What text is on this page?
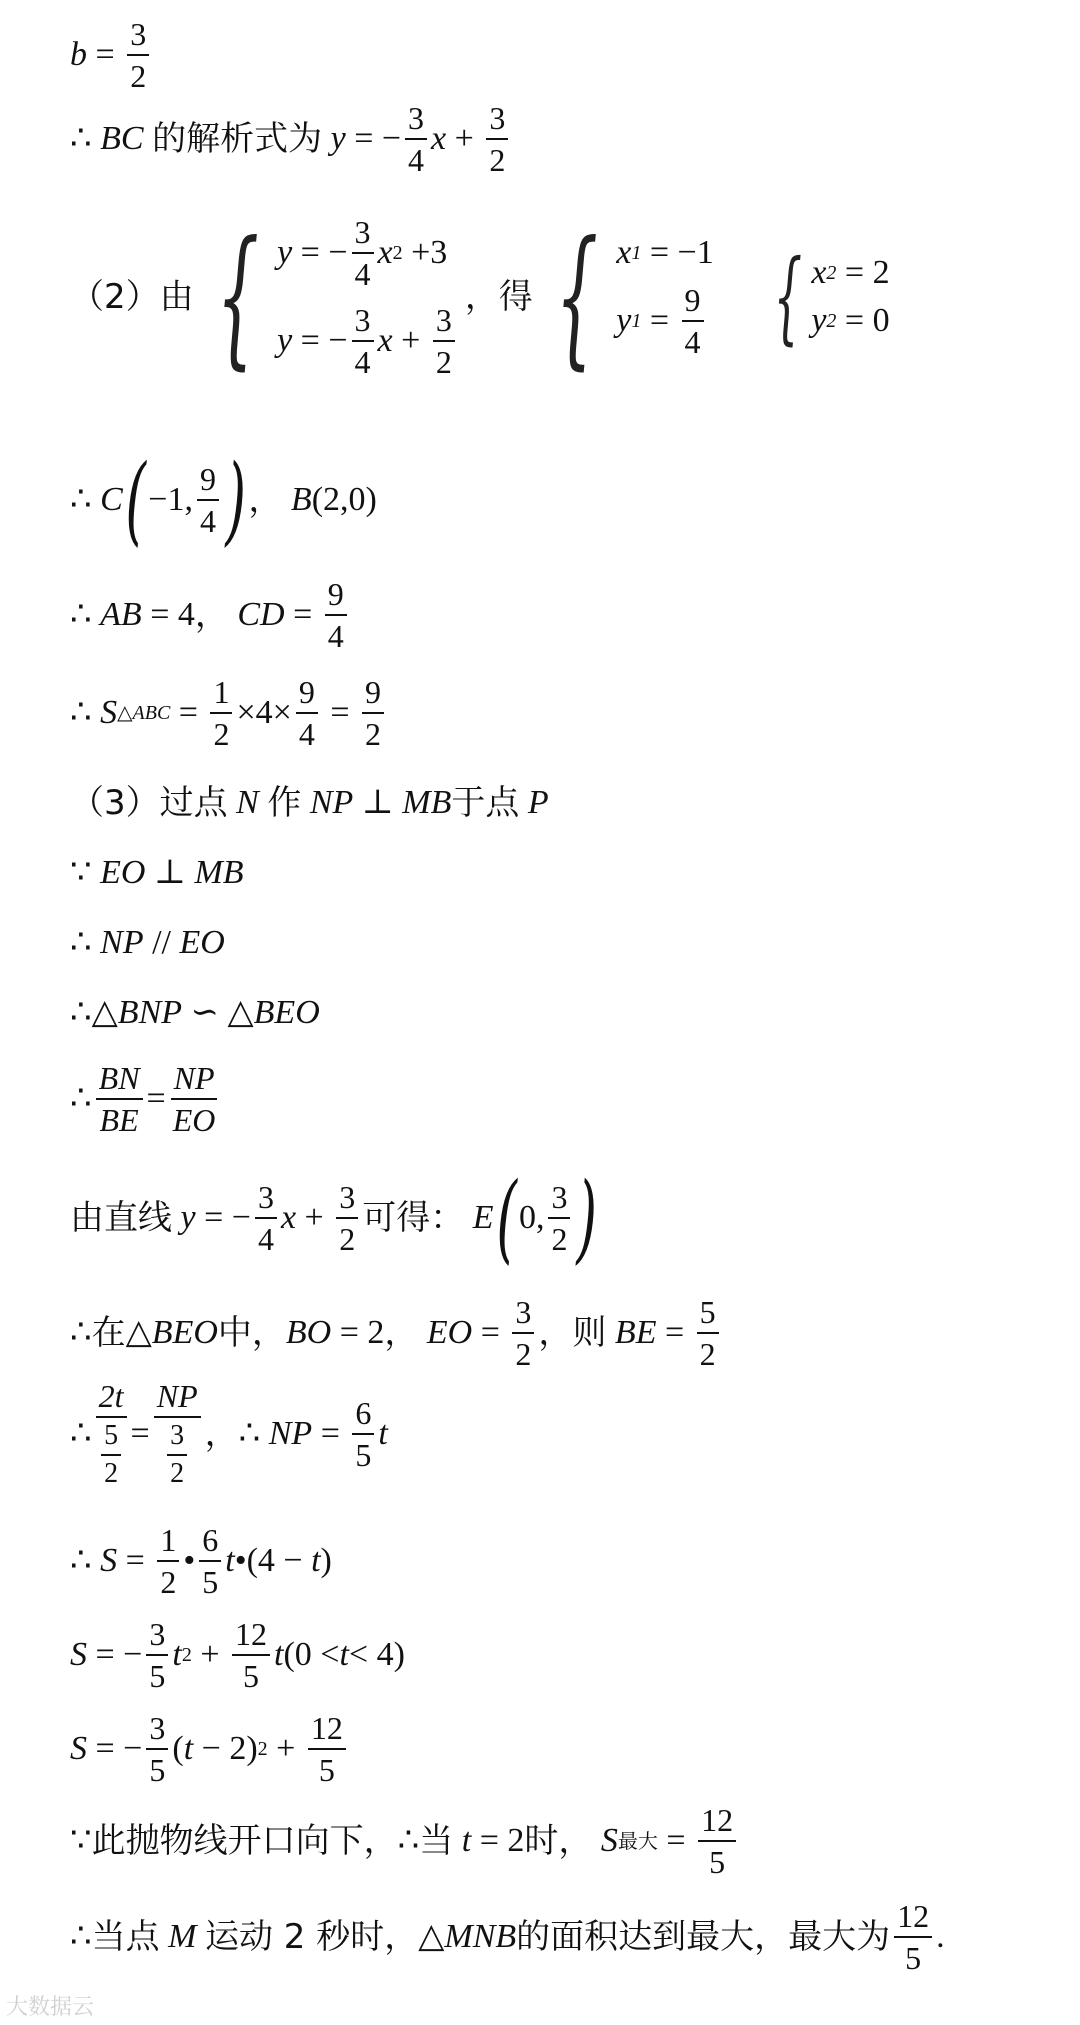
$b = \frac{3}{2}$
∴ BC 的解析式为 y = − $\frac{3}{4}$ $x + \frac{3}{2}$
（2） 由 { y = − $\frac{3}{4}$ x 2 +3
y = − $\frac{3}{4}$ $x + \frac{3}{2}$
，得 { x 1 = −1
y $1 = \frac{9}{4}$ { x 2 = 2
y 2 = 0
∴ C ( −1, $\frac{9}{4}$ ) ， B (2,0)
∴ AB = 4 ， CD = $\frac{9}{4}$
∴ S △ABC = $\frac{1}{2} \times 4\times \frac{9}{4} = \frac{9}{2}$
（3）过点 N 作 NP ⊥ MB 于点 P
∵ EO ⊥ MB
∴ NP // EO
∴ △ BNP ∽ △ BEO
∴ $\frac{BN}{BE} = \frac{NP}{EO}$
由直线 y = − $\frac{3}{4}$ $x + \frac{3}{2}$ 可得： E ( 0, $\frac{3}{2}$ )
∴ 在 △ BEO 中， BO = 2 ， EO = $\frac{3}{2}$ ，则 BE = $\frac{5}{2}$
∴ $\frac{2t}{\frac{5}{2}} = \frac{NP}{\frac{3}{2}}$ ， ∴ NP = $\frac{6}{5}$ t
∴ $S = \frac{1}{2}$ • $\frac{6}{5}$ t •(4 − t )
S = − $\frac{3}{5}$ t $2 + \frac{12}{5}$ t (0 < t < 4)
S = − $\frac{3}{5}$ ( t − 2) $2 + \frac{12}{5}$
∵ 此抛物线开口向下， ∴ 当 t = 2 时， S 最大 = $\frac{12}{5}$
∴ 当点 M 运动 2 秒时， △ MNB 的面积达到最大，最大为 $\frac{12}{5}$ .
大数据云
